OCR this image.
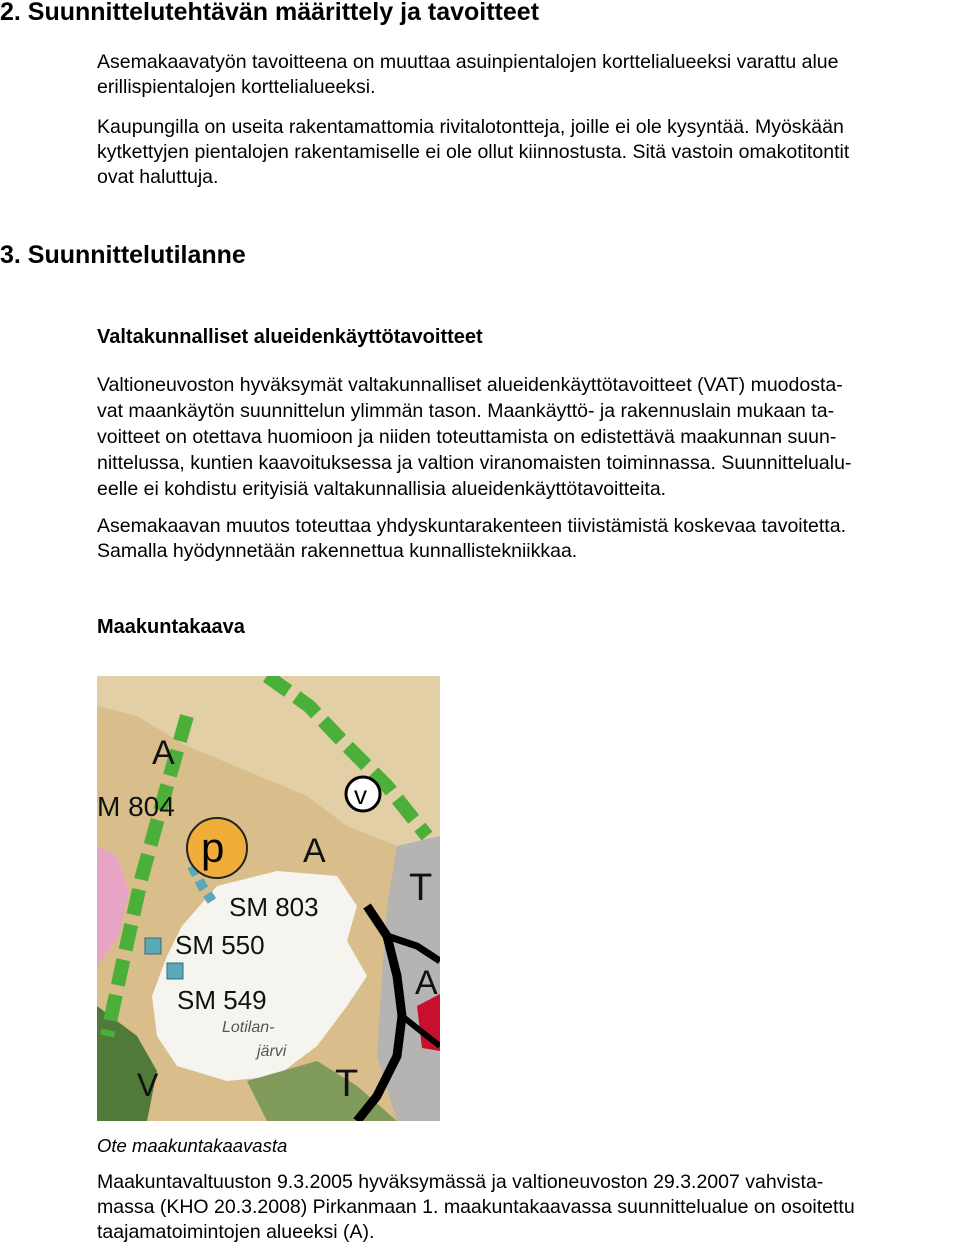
2. Suunnittelutehtävän määrittely ja tavoitteet
Asemakaavatyön tavoitteena on muuttaa asuinpientalojen korttelialueeksi varattu alue
erillispientalojen korttelialueeksi.
Kaupungilla on useita rakentamattomia rivitalotontteja, joille ei ole kysyntää. Myöskään
kytkettyjen pientalojen rakentamiselle ei ole ollut kiinnostusta. Sitä vastoin omakotitontit
ovat haluttuja.
3. Suunnittelutilanne
Valtakunnalliset alueidenkäyttötavoitteet
Valtioneuvoston hyväksymät valtakunnalliset alueidenkäyttötavoitteet (VAT) muodosta-
vat maankäytön suunnittelun ylimmän tason. Maankäyttö- ja rakennuslain mukaan ta-
voitteet on otettava huomioon ja niiden toteuttamista on edistettävä maakunnan suun-
nittelussa, kuntien kaavoituksessa ja valtion viranomaisten toiminnassa. Suunnittelualu-
eelle ei kohdistu erityisiä valtakunnallisia alueidenkäyttötavoitteita.
Asemakaavan muutos toteuttaa yhdyskuntarakenteen tiivistämistä koskevaa tavoitetta.
Samalla hyödynnetään rakennettua kunnallistekniikkaa.
Maakuntakaava
A
M 804	v
p A
T
SM 803
SM 550
SM 549
Lotilan-
järvi
A
T
V
Ote maakuntakaavasta
Maakuntavaltuuston 9.3.2005 hyväksymässä ja valtioneuvoston 29.3.2007 vahvista-
massa (KHO 20.3.2008) Pirkanmaan 1. maakuntakaavassa suunnittelualue on osoitettu
taajamatoimintojen alueeksi (A).
